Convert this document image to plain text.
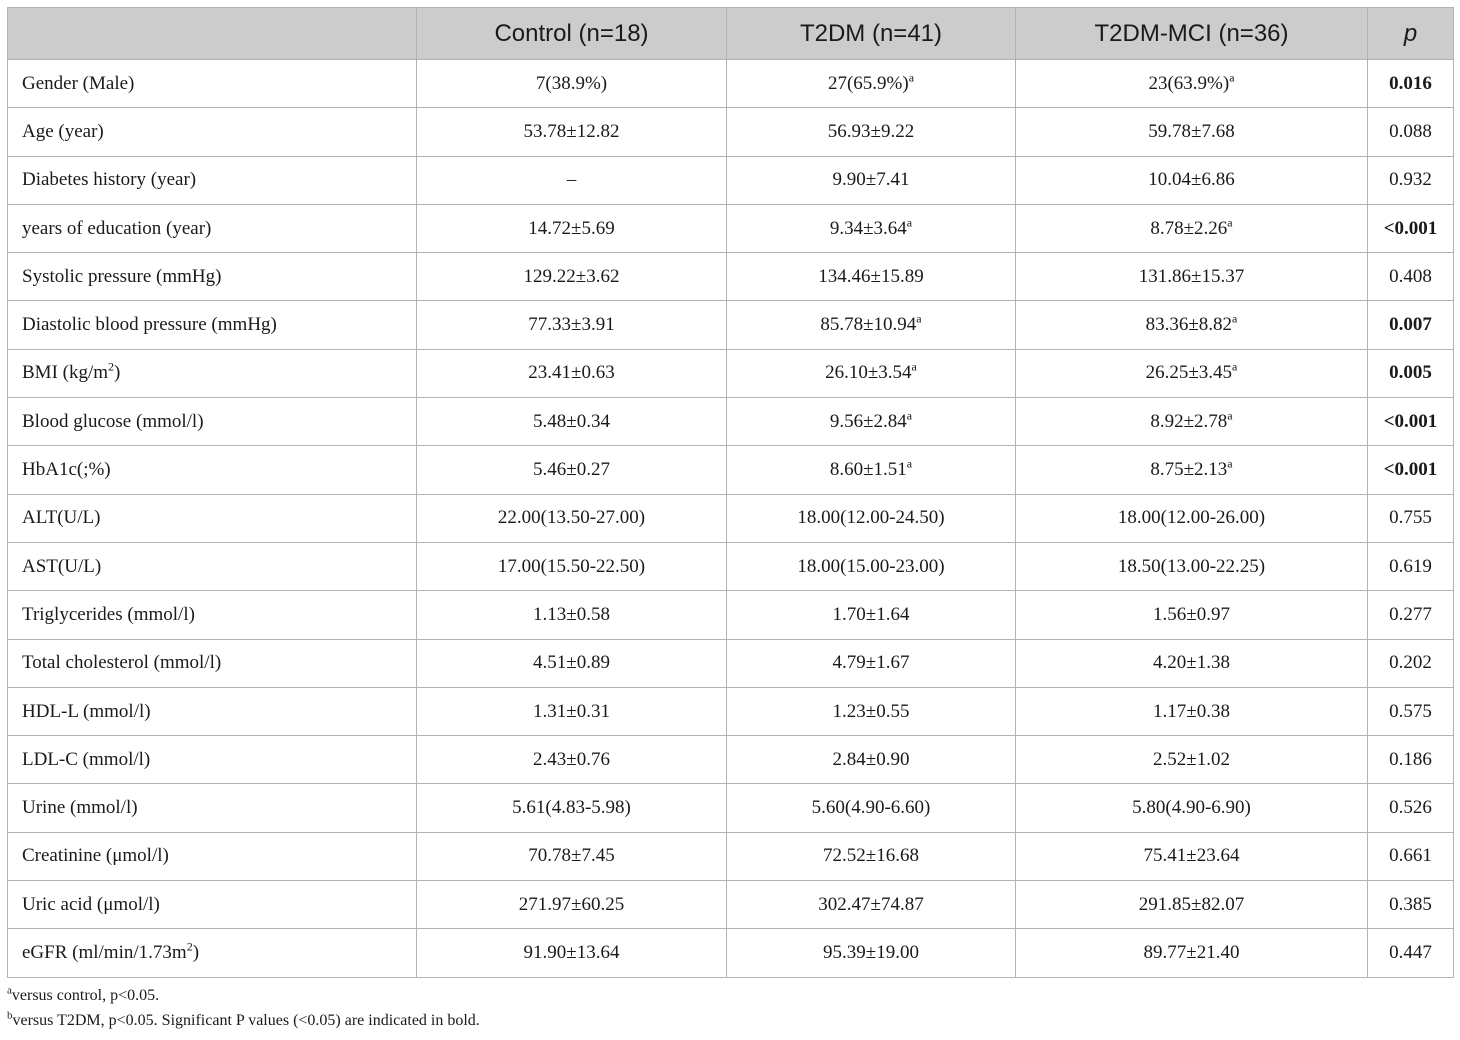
	Control (n=18)	T2DM (n=41)	T2DM-MCI (n=36)	p
Gender (Male)	7(38.9%)	$27(65.9\%)^a$	$23(63.9\%)^a$	0.016
Age (year)	53.78±12.82	56.93±9.22	59.78±7.68	0.088
Diabetes history (year)	–	9.90±7.41	10.04±6.86	0.932
years of education (year)	14.72±5.69	9.34±3.64$^a$	8.78±2.26$^a$	<0.001
Systolic pressure (mmHg)	129.22±3.62	134.46±15.89	131.86±15.37	0.408
Diastolic blood pressure (mmHg)	77.33±3.91	85.78±10.94$^a$	83.36±8.82$^a$	0.007
BMI $(kg/m^2)$	23.41±0.63	26.10±3.54$^a$	26.25±3.45$^a$	0.005
Blood glucose (mmol/l)	5.48±0.34	9.56±2.84$^a$	8.92±2.78$^a$	<0.001
HbA1c(;%)	5.46±0.27	8.60±1.51$^a$	8.75±2.13$^a$	<0.001
ALT(U/L)	22.00(13.50-27.00)	18.00(12.00-24.50)	18.00(12.00-26.00)	0.755
AST(U/L)	17.00(15.50-22.50)	18.00(15.00-23.00)	18.50(13.00-22.25)	0.619
Triglycerides (mmol/l)	1.13±0.58	1.70±1.64	1.56±0.97	0.277
Total cholesterol (mmol/l)	4.51±0.89	4.79±1.67	4.20±1.38	0.202
HDL-L (mmol/l)	1.31±0.31	1.23±0.55	1.17±0.38	0.575
LDL-C (mmol/l)	2.43±0.76	2.84±0.90	2.52±1.02	0.186
Urine (mmol/l)	5.61(4.83-5.98)	5.60(4.90-6.60)	5.80(4.90-6.90)	0.526
Creatinine (μmol/l)	70.78±7.45	72.52±16.68	75.41±23.64	0.661
Uric acid (μmol/l)	271.97±60.25	302.47±74.87	291.85±82.07	0.385
eGFR $(ml/\min/1.73m^2)$	91.90±13.64	95.39±19.00	89.77±21.40	0.447

$^a$versus control, p<0.05.

$^b$versus T2DM, p<0.05. Significant P values (<0.05) are indicated in bold.
